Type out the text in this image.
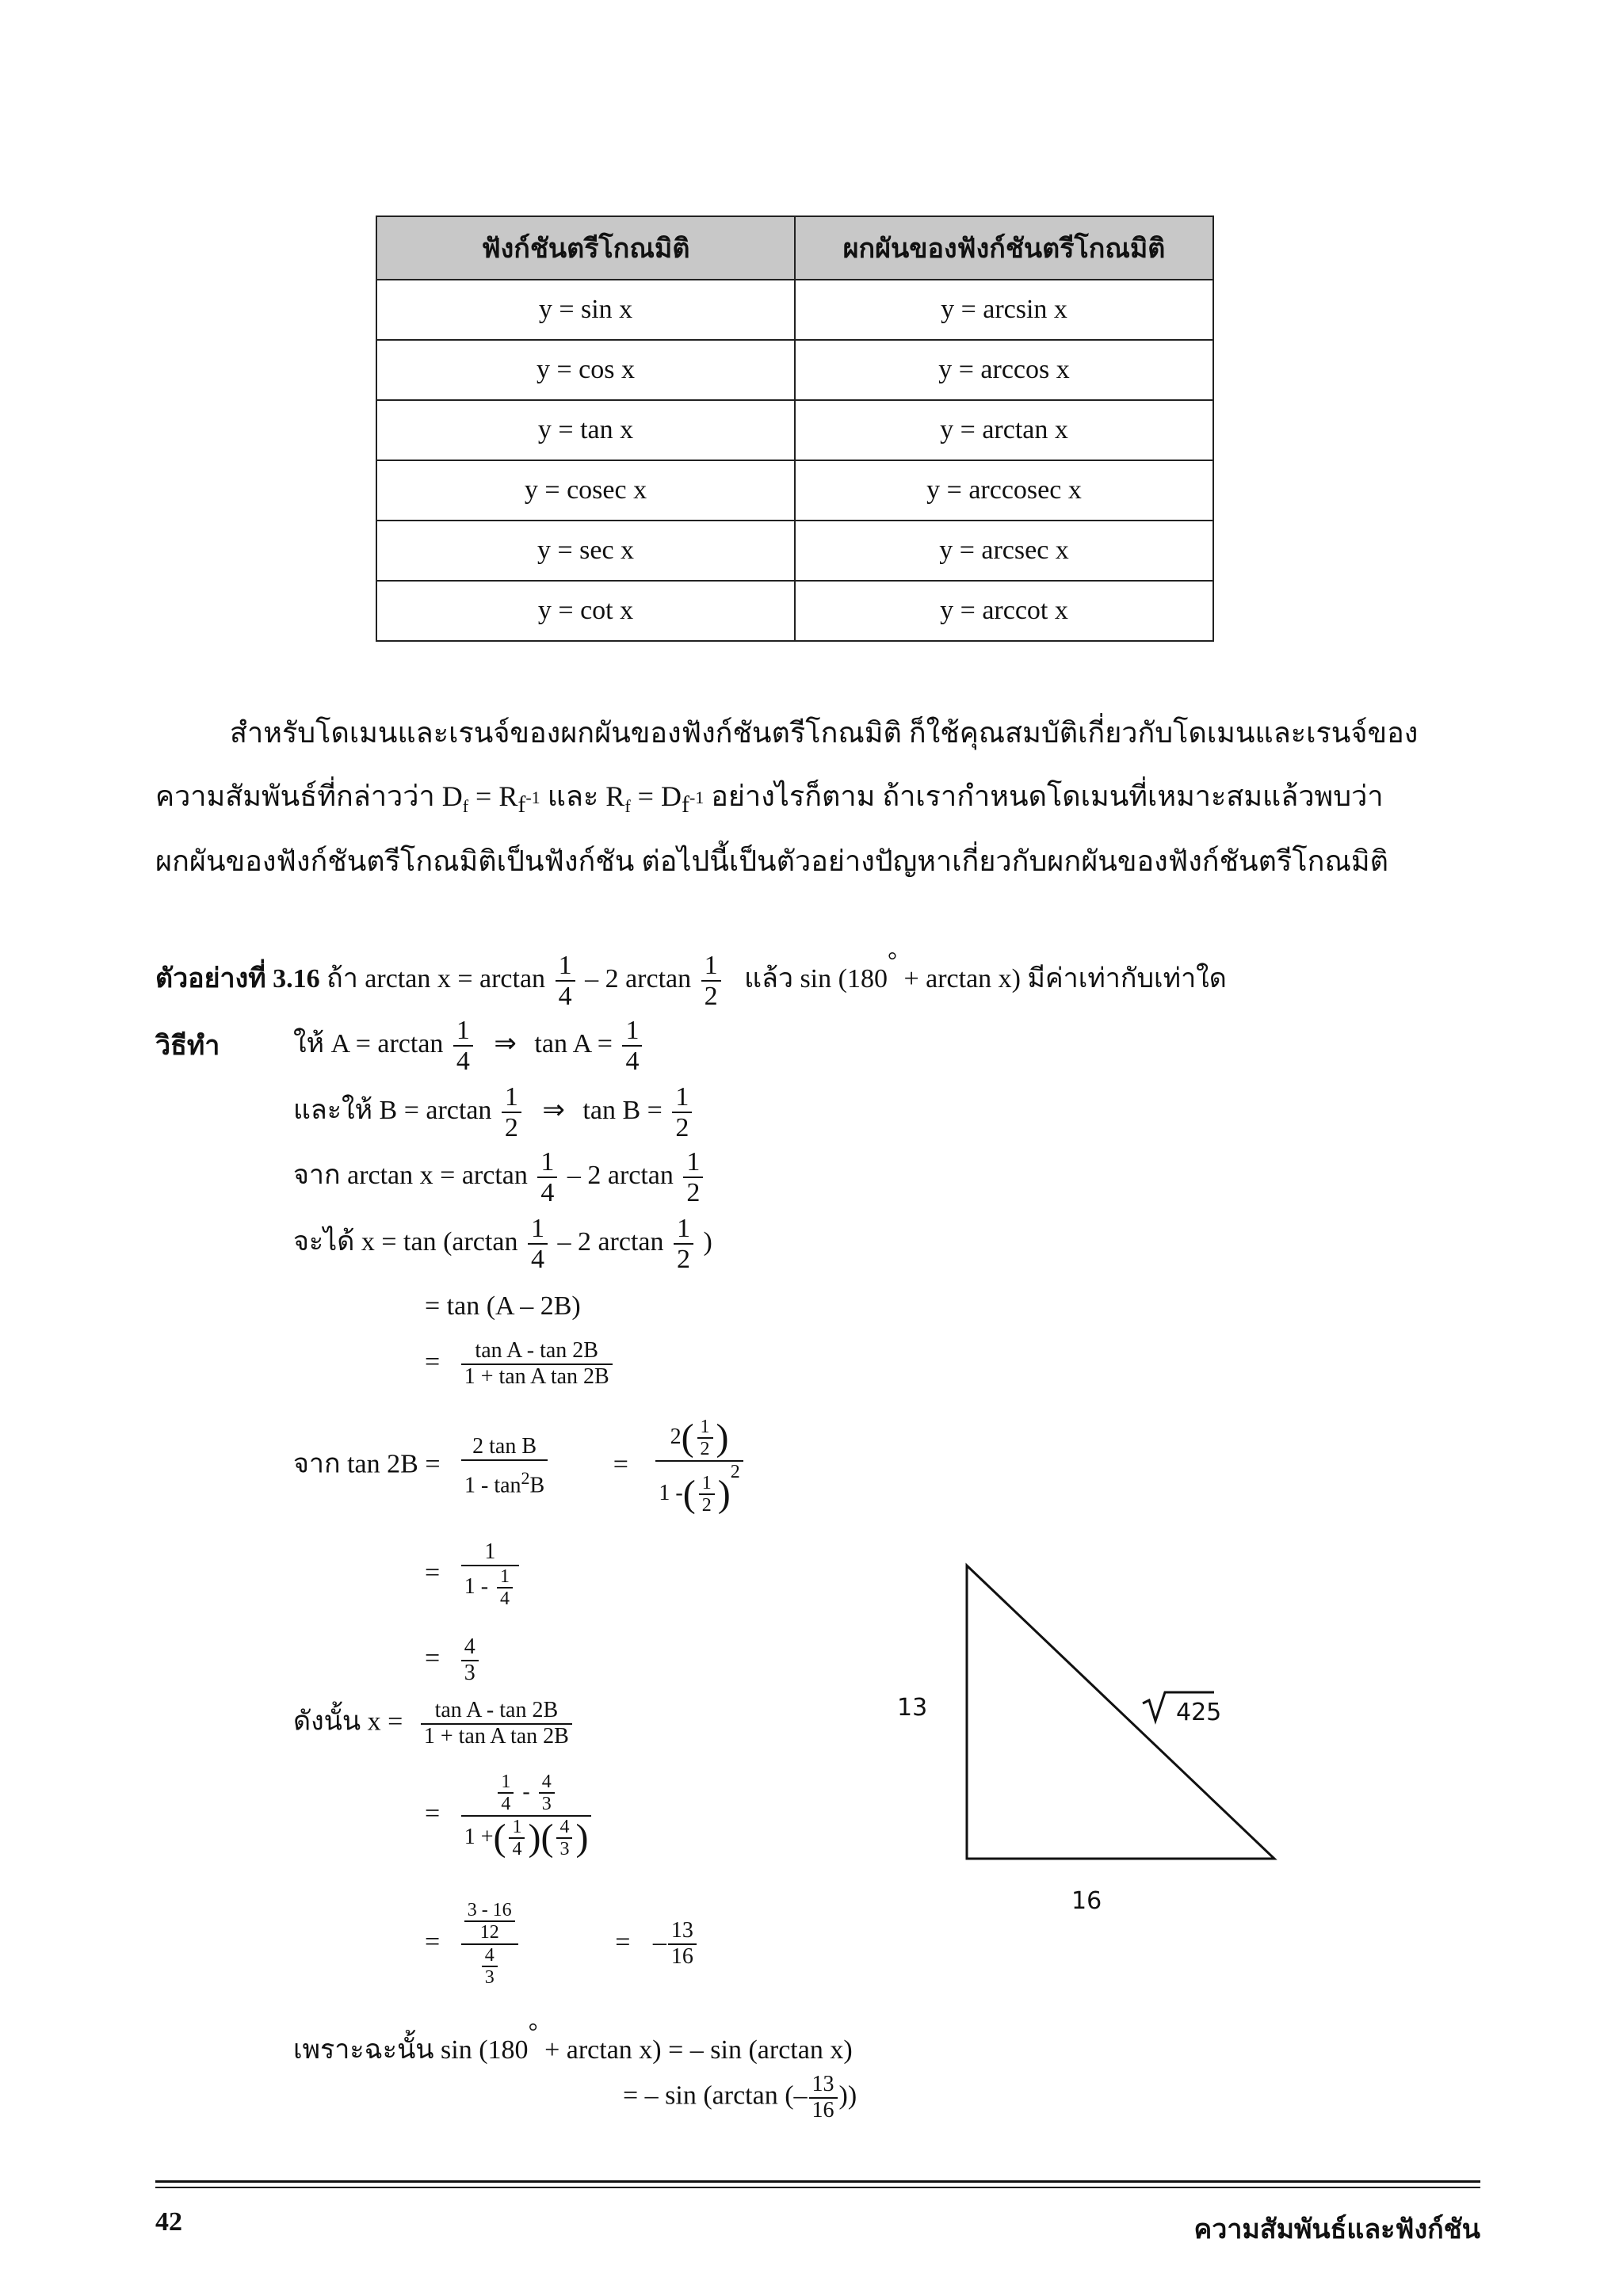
ฟังก์ชันตรีโกณมิติ	ผกผันของฟังก์ชันตรีโกณมิติ
y = sin x	y = arcsin x
y = cos x	y = arccos x
y = tan x	y = arctan x
y = cosec x	y = arccosec x
y = sec x	y = arcsec x
y = cot x	y = arccot x
สำหรับโดเมนและเรนจ์ของผกผันของฟังก์ชันตรีโกณมิติ ก็ใช้คุณสมบัติเกี่ยวกับโดเมนและเรนจ์ของ
ความสัมพันธ์ที่กล่าวว่า $D_f = R_{f^{-1}}$ และ $R_f = D_{f^{-1}}$ อย่างไรก็ตาม ถ้าเรากำหนดโดเมนที่เหมาะสมแล้วพบว่า
ผกผันของฟังก์ชันตรีโกณมิติเป็นฟังก์ชัน ต่อไปนี้เป็นตัวอย่างปัญหาเกี่ยวกับผกผันของฟังก์ชันตรีโกณมิติ
ตัวอย่างที่ 3.16 ถ้า $\arctan x = \arctan \frac{1}{4} - 2$ $\arctan \frac{1}{2}$ แล้ว sin (180° + arctan x) มีค่าเท่ากับเท่าใด
วิธีทำ	ให้ $A = \arctan \frac{1}{4}$ ⇒ $\tan A = \frac{1}{4}$
และให้ $B = \arctan \frac{1}{2}$ ⇒ $\tan B = \frac{1}{2}$
จาก $\arctan x = \arctan \frac{1}{4} - 2$ $\arctan \frac{1}{2}$
จะได้ $x = \tan (\arctan \frac{1}{4} - 2$ $\arctan \frac{1}{2}$ )
= tan (A – 2B)
= $\frac{\text{tan A - tan 2B}}{\text{1 + tan A tan 2B}}$
จาก $\tan 2B = \frac{\text{2 tan B}}{1 - \tan^2B} = \frac{2( \frac{1}{2} )}{1 -( \frac{1}{2} )^2}$
= $\frac{1}{1 - \frac{1}{4}}$
= $\frac{4}{3}$
ดังนั้น $x = \frac{\text{tan A - tan 2B}}{\text{1 + tan A tan 2B}}$
= $\frac{\frac{1}{4} - \frac{4}{3}}{1 +( \frac{1}{4} )( \frac{4}{3} )}$
= $\frac{\frac{3 - 16}{12}}{\frac{4}{3}}$	= – $\frac{13}{16}$
เพราะฉะนั้น sin (180° + arctan x) = – sin (arctan x)
= – sin (arctan (– $\frac{13}{16}$ ))
13	425
16
42	ความสัมพันธ์และฟังก์ชัน
